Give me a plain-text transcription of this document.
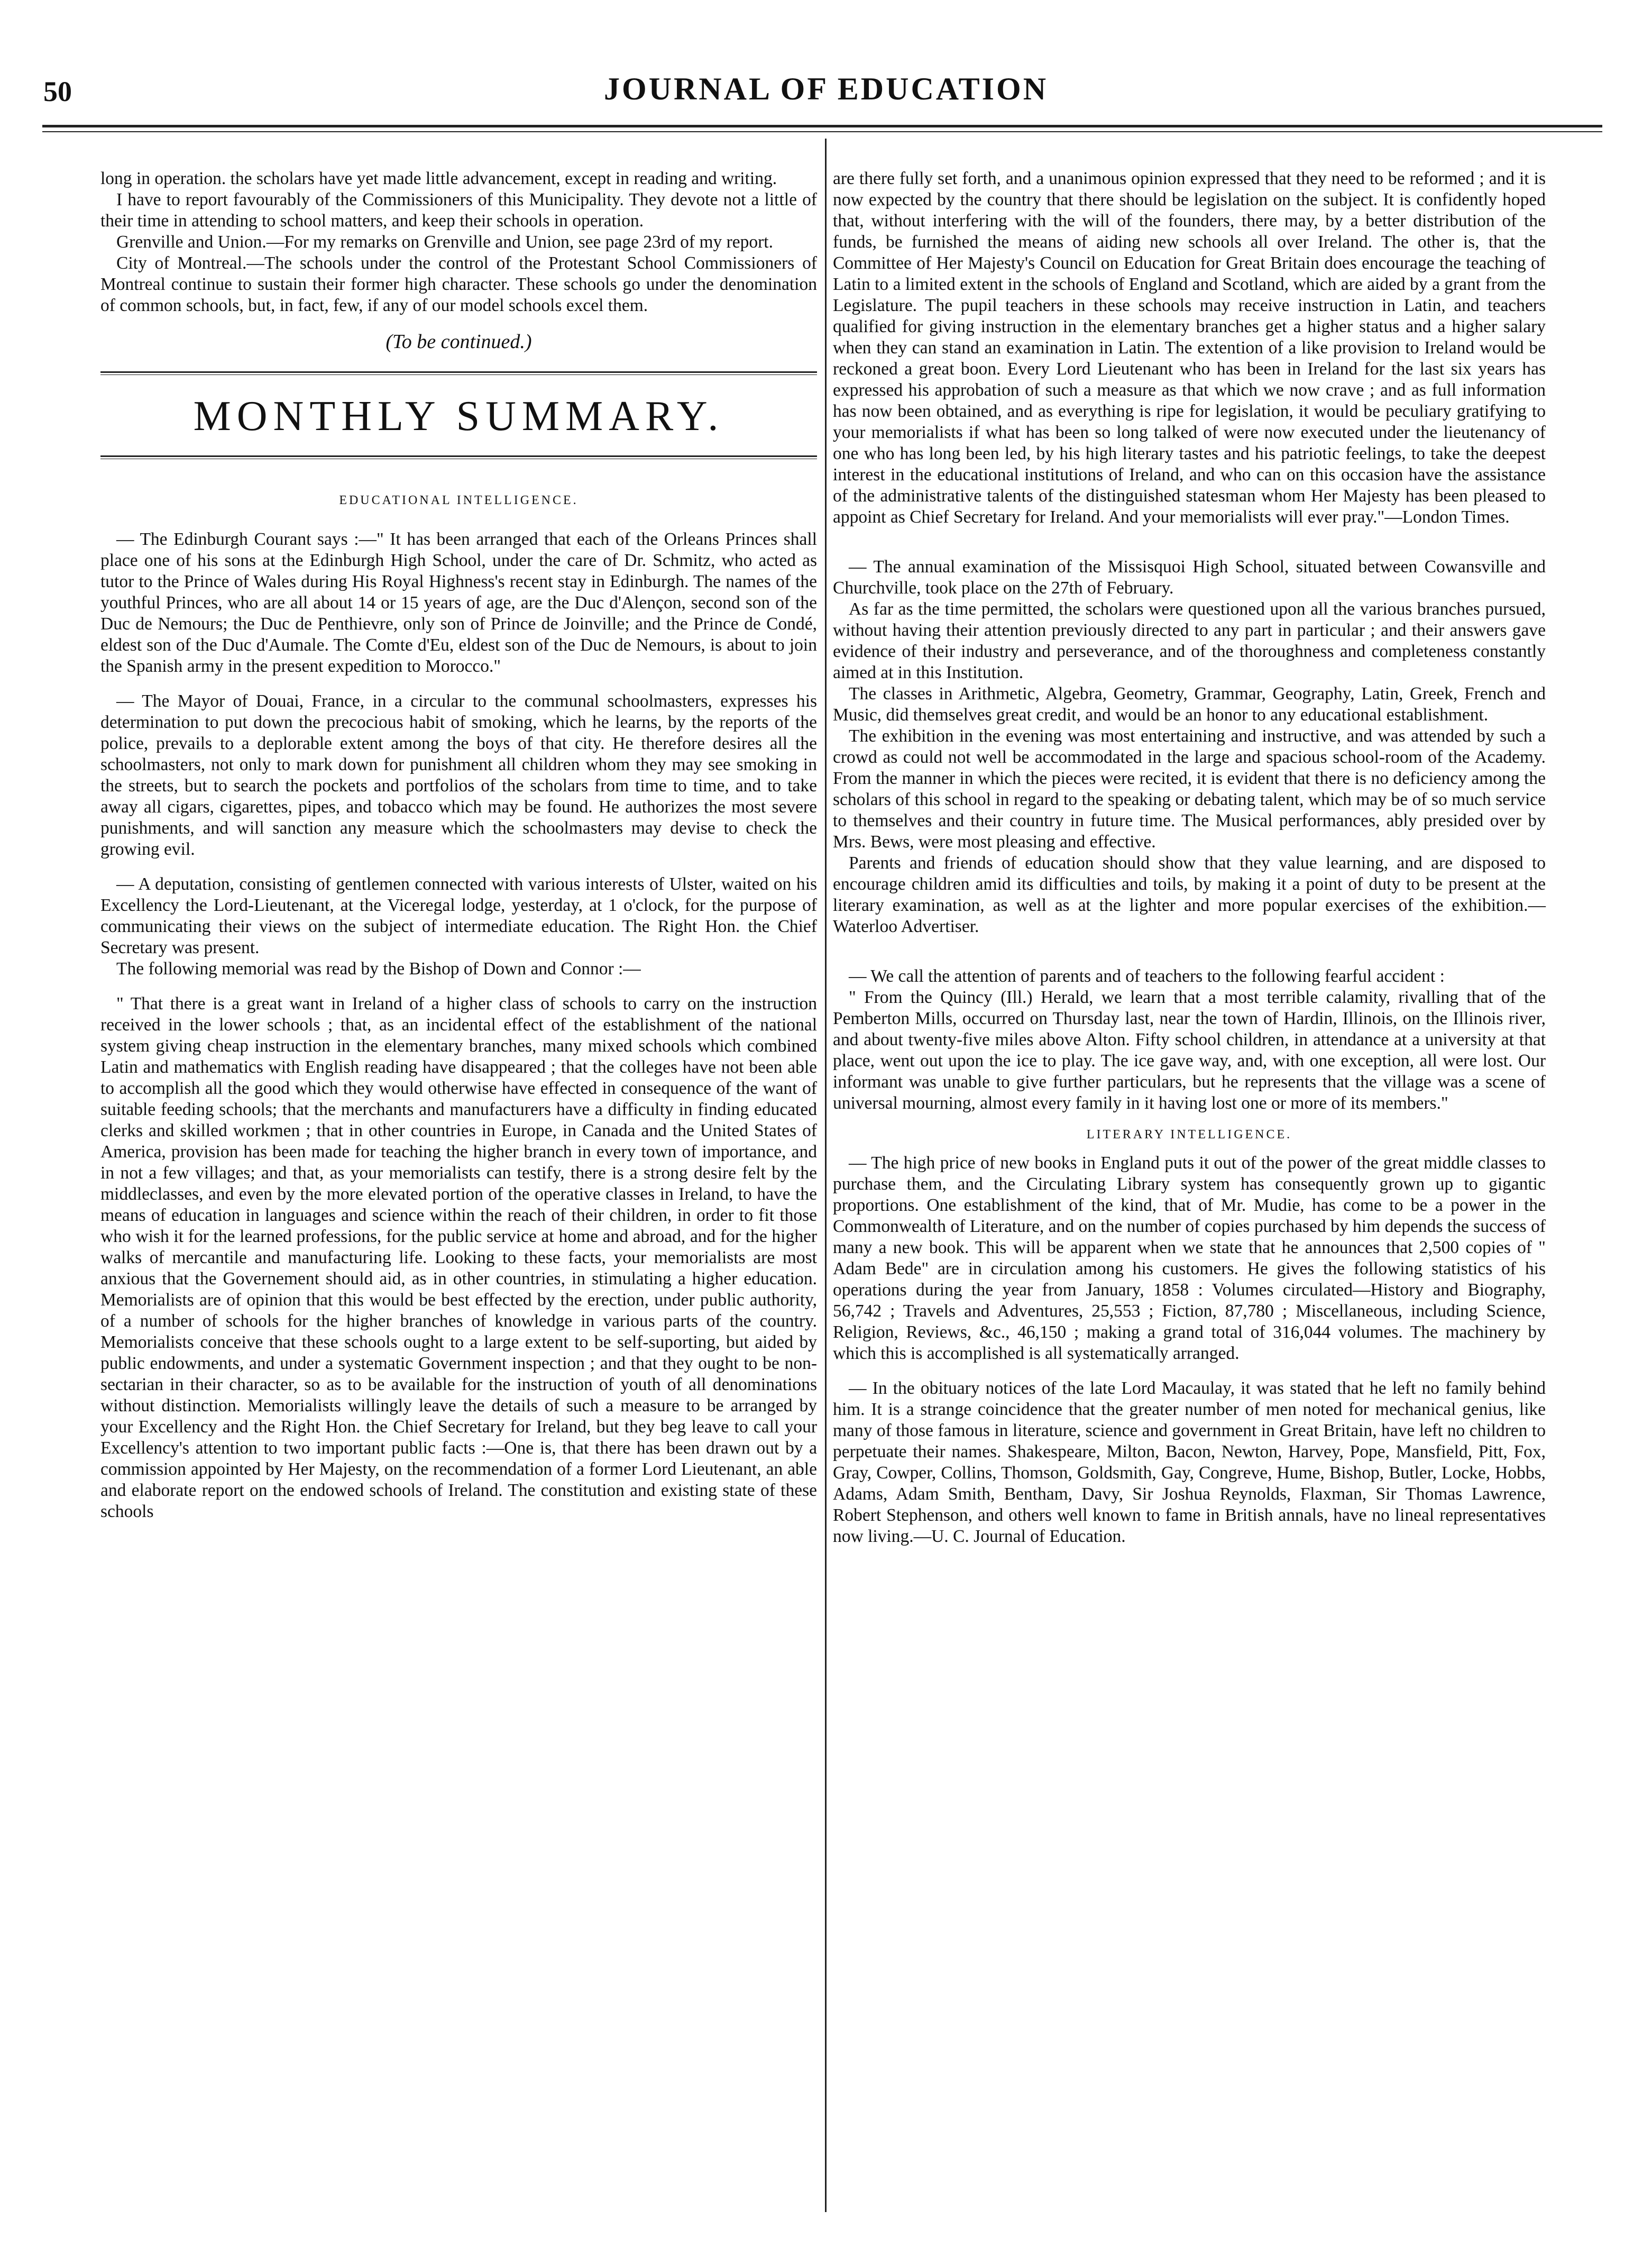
50	JOURNAL OF EDUCATION

long in operation. the scholars have yet made little advancement, except in reading and writing.

I have to report favourably of the Commissioners of this Municipality. They devote not a little of their time in attending to school matters, and keep their schools in operation.

Grenville and Union.—For my remarks on Grenville and Union, see page 23rd of my report.

City of Montreal.—The schools under the control of the Protestant School Commissioners of Montreal continue to sustain their former high character. These schools go under the denomination of common schools, but, in fact, few, if any of our model schools excel them.

(To be continued.)
MONTHLY SUMMARY.
EDUCATIONAL INTELLIGENCE.

— The Edinburgh Courant says :—" It has been arranged that each of the Orleans Princes shall place one of his sons at the Edinburgh High School, under the care of Dr. Schmitz, who acted as tutor to the Prince of Wales during His Royal Highness's recent stay in Edinburgh. The names of the youthful Princes, who are all about 14 or 15 years of age, are the Duc d'Alençon, second son of the Duc de Nemours; the Duc de Penthievre, only son of Prince de Joinville; and the Prince de Condé, eldest son of the Duc d'Aumale. The Comte d'Eu, eldest son of the Duc de Nemours, is about to join the Spanish army in the present expedition to Morocco."

— The Mayor of Douai, France, in a circular to the communal schoolmasters, expresses his determination to put down the precocious habit of smoking, which he learns, by the reports of the police, prevails to a deplorable extent among the boys of that city. He therefore desires all the schoolmasters, not only to mark down for punishment all children whom they may see smoking in the streets, but to search the pockets and portfolios of the scholars from time to time, and to take away all cigars, cigarettes, pipes, and tobacco which may be found. He authorizes the most severe punishments, and will sanction any measure which the schoolmasters may devise to check the growing evil.

— A deputation, consisting of gentlemen connected with various interests of Ulster, waited on his Excellency the Lord-Lieutenant, at the Viceregal lodge, yesterday, at 1 o'clock, for the purpose of communicating their views on the subject of intermediate education. The Right Hon. the Chief Secretary was present.

The following memorial was read by the Bishop of Down and Connor :—

" That there is a great want in Ireland of a higher class of schools to carry on the instruction received in the lower schools ; that, as an incidental effect of the establishment of the national system giving cheap instruction in the elementary branches, many mixed schools which combined Latin and mathematics with English reading have disappeared ; that the colleges have not been able to accomplish all the good which they would otherwise have effected in consequence of the want of suitable feeding schools; that the merchants and manufacturers have a difficulty in finding educated clerks and skilled workmen ; that in other countries in Europe, in Canada and the United States of America, provision has been made for teaching the higher branch in every town of importance, and in not a few villages; and that, as your memorialists can testify, there is a strong desire felt by the middleclasses, and even by the more elevated portion of the operative classes in Ireland, to have the means of education in languages and science within the reach of their children, in order to fit those who wish it for the learned professions, for the public service at home and abroad, and for the higher walks of mercantile and manufacturing life. Looking to these facts, your memorialists are most anxious that the Governement should aid, as in other countries, in stimulating a higher education. Memorialists are of opinion that this would be best effected by the erection, under public authority, of a number of schools for the higher branches of knowledge in various parts of the country. Memorialists conceive that these schools ought to a large extent to be self-suporting, but aided by public endowments, and under a systematic Government inspection ; and that they ought to be non-sectarian in their character, so as to be available for the instruction of youth of all denominations without distinction. Memorialists willingly leave the details of such a measure to be arranged by your Excellency and the Right Hon. the Chief Secretary for Ireland, but they beg leave to call your Excellency's attention to two important public facts :—One is, that there has been drawn out by a commission appointed by Her Majesty, on the recommendation of a former Lord Lieutenant, an able and elaborate report on the endowed schools of Ireland. The constitution and existing state of these schools

are there fully set forth, and a unanimous opinion expressed that they need to be reformed ; and it is now expected by the country that there should be legislation on the subject. It is confidently hoped that, without interfering with the will of the founders, there may, by a better distribution of the funds, be furnished the means of aiding new schools all over Ireland. The other is, that the Committee of Her Majesty's Council on Education for Great Britain does encourage the teaching of Latin to a limited extent in the schools of England and Scotland, which are aided by a grant from the Legislature. The pupil teachers in these schools may receive instruction in Latin, and teachers qualified for giving instruction in the elementary branches get a higher status and a higher salary when they can stand an examination in Latin. The extention of a like provision to Ireland would be reckoned a great boon. Every Lord Lieutenant who has been in Ireland for the last six years has expressed his approbation of such a measure as that which we now crave ; and as full information has now been obtained, and as everything is ripe for legislation, it would be peculiary gratifying to your memorialists if what has been so long talked of were now executed under the lieutenancy of one who has long been led, by his high literary tastes and his patriotic feelings, to take the deepest interest in the educational institutions of Ireland, and who can on this occasion have the assistance of the administrative talents of the distinguished statesman whom Her Majesty has been pleased to appoint as Chief Secretary for Ireland. And your memorialists will ever pray."—London Times.

— The annual examination of the Missisquoi High School, situated between Cowansville and Churchville, took place on the 27th of February.

As far as the time permitted, the scholars were questioned upon all the various branches pursued, without having their attention previously directed to any part in particular ; and their answers gave evidence of their industry and perseverance, and of the thoroughness and completeness constantly aimed at in this Institution.

The classes in Arithmetic, Algebra, Geometry, Grammar, Geography, Latin, Greek, French and Music, did themselves great credit, and would be an honor to any educational establishment.

The exhibition in the evening was most entertaining and instructive, and was attended by such a crowd as could not well be accommodated in the large and spacious school-room of the Academy. From the manner in which the pieces were recited, it is evident that there is no deficiency among the scholars of this school in regard to the speaking or debating talent, which may be of so much service to themselves and their country in future time. The Musical performances, ably presided over by Mrs. Bews, were most pleasing and effective.

Parents and friends of education should show that they value learning, and are disposed to encourage children amid its difficulties and toils, by making it a point of duty to be present at the literary examination, as well as at the lighter and more popular exercises of the exhibition.—Waterloo Advertiser.

— We call the attention of parents and of teachers to the following fearful accident :

" From the Quincy (Ill.) Herald, we learn that a most terrible calamity, rivalling that of the Pemberton Mills, occurred on Thursday last, near the town of Hardin, Illinois, on the Illinois river, and about twenty-five miles above Alton. Fifty school children, in attendance at a university at that place, went out upon the ice to play. The ice gave way, and, with one exception, all were lost. Our informant was unable to give further particulars, but he represents that the village was a scene of universal mourning, almost every family in it having lost one or more of its members."

LITERARY INTELLIGENCE.

— The high price of new books in England puts it out of the power of the great middle classes to purchase them, and the Circulating Library system has consequently grown up to gigantic proportions. One establishment of the kind, that of Mr. Mudie, has come to be a power in the Commonwealth of Literature, and on the number of copies purchased by him depends the success of many a new book. This will be apparent when we state that he announces that 2,500 copies of " Adam Bede" are in circulation among his customers. He gives the following statistics of his operations during the year from January, 1858 : Volumes circulated—History and Biography, 56,742 ; Travels and Adventures, 25,553 ; Fiction, 87,780 ; Miscellaneous, including Science, Religion, Reviews, &c., 46,150 ; making a grand total of 316,044 volumes. The machinery by which this is accomplished is all systematically arranged.

— In the obituary notices of the late Lord Macaulay, it was stated that he left no family behind him. It is a strange coincidence that the greater number of men noted for mechanical genius, like many of those famous in literature, science and government in Great Britain, have left no children to perpetuate their names. Shakespeare, Milton, Bacon, Newton, Harvey, Pope, Mansfield, Pitt, Fox, Gray, Cowper, Collins, Thomson, Goldsmith, Gay, Congreve, Hume, Bishop, Butler, Locke, Hobbs, Adams, Adam Smith, Bentham, Davy, Sir Joshua Reynolds, Flaxman, Sir Thomas Lawrence, Robert Stephenson, and others well known to fame in British annals, have no lineal representatives now living.—U. C. Journal of Education.
